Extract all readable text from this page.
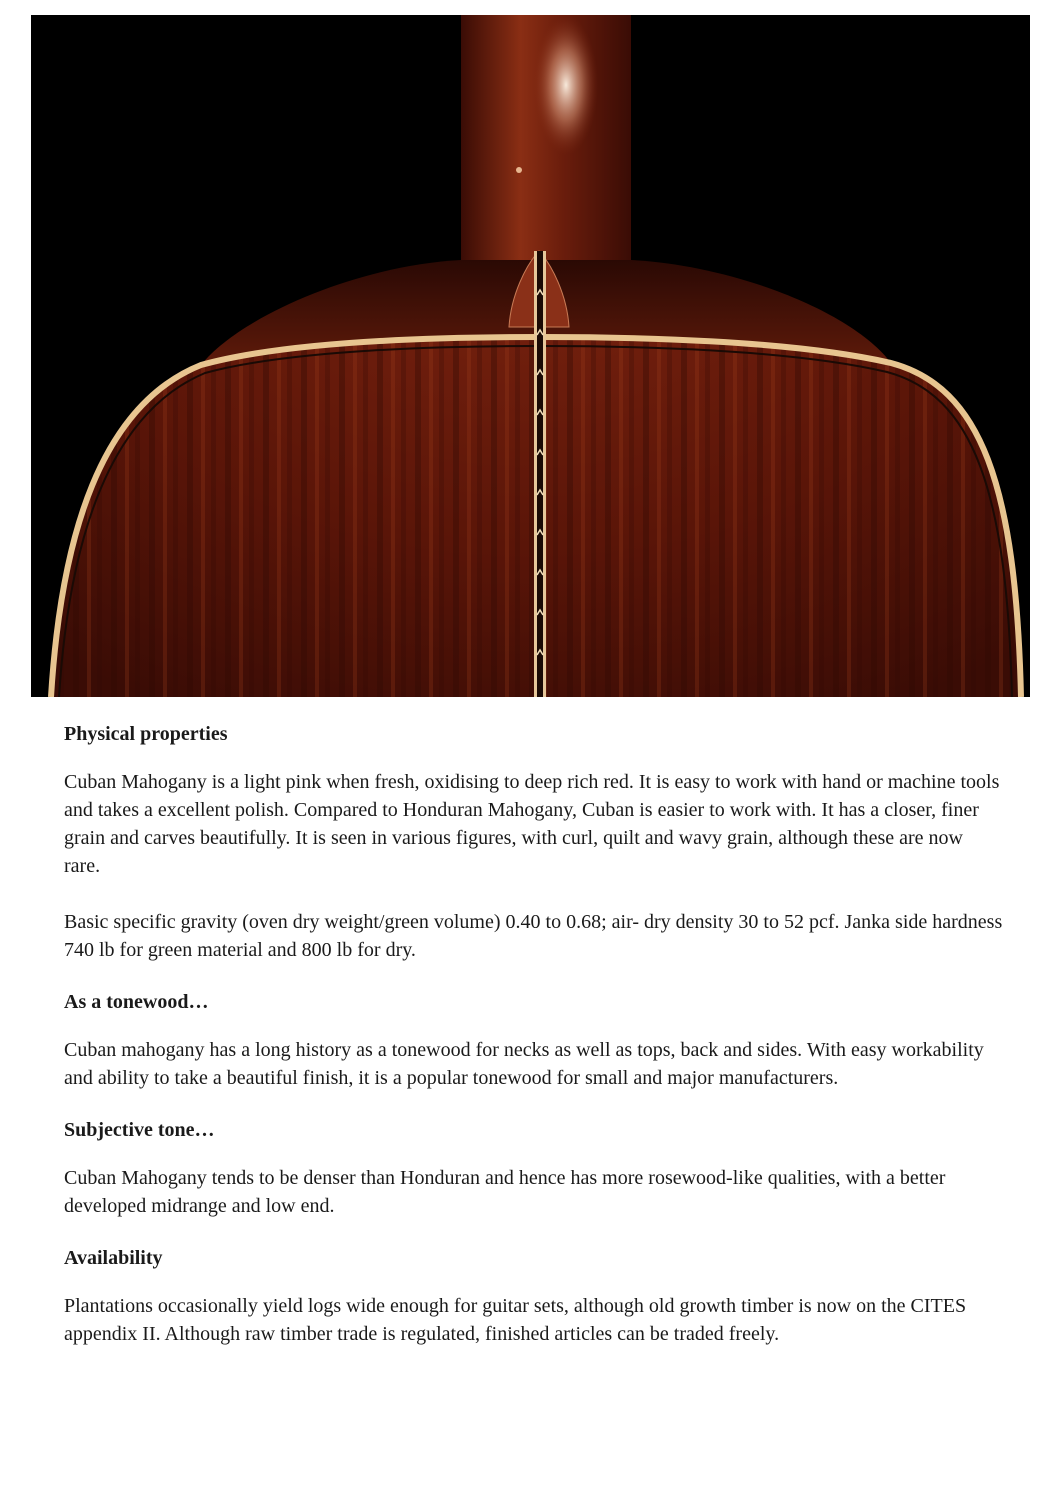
Physical properties

Cuban Mahogany is a light pink when fresh, oxidising to deep rich red. It is easy to work with hand or machine tools and takes a excellent polish. Compared to Honduran Mahogany, Cuban is easier to work with. It has a closer, finer grain and carves beautifully. It is seen in various figures, with curl, quilt and wavy grain, although these are now rare.

Basic specific gravity (oven dry weight/green volume) 0.40 to 0.68; air- dry density 30 to 52 pcf. Janka side hardness 740 lb for green material and 800 lb for dry.

As a tonewood…

Cuban mahogany has a long history as a tonewood for necks as well as tops, back and sides. With easy workability and ability to take a beautiful finish, it is a popular tonewood for small and major manufacturers.

Subjective tone…

Cuban Mahogany tends to be denser than Honduran and hence has more rosewood-like qualities, with a better developed midrange and low end.

Availability

Plantations occasionally yield logs wide enough for guitar sets, although old growth timber is now on the CITES appendix II. Although raw timber trade is regulated, finished articles can be traded freely.
